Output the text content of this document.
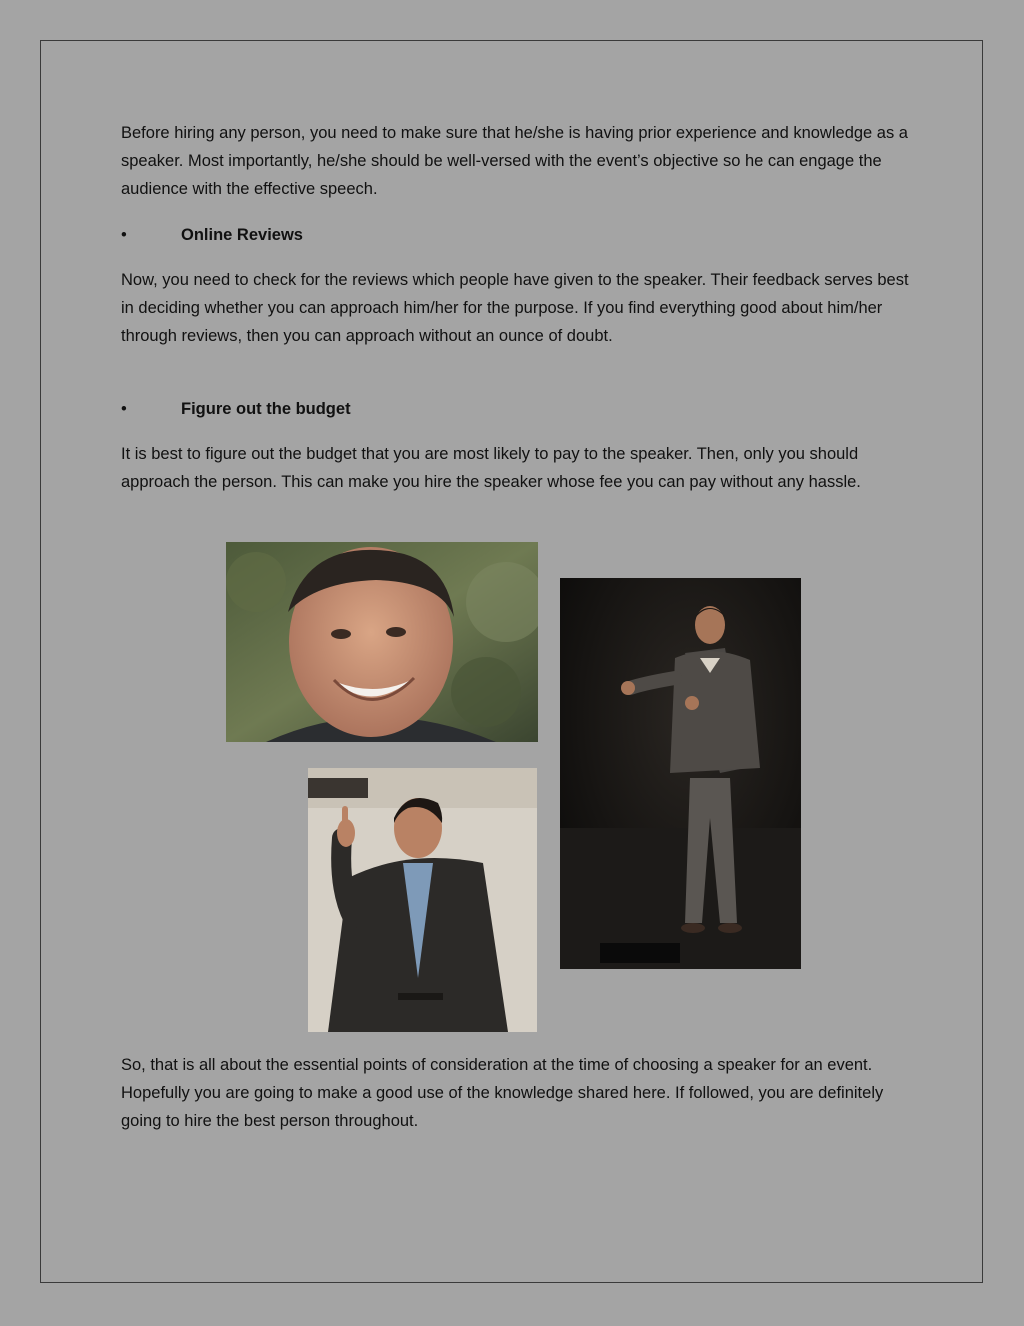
Before hiring any person, you need to make sure that he/she is having prior experience and knowledge as a speaker. Most importantly, he/she should be well-versed with the event’s objective so he can engage the audience with the effective speech.

•	Online Reviews

Now, you need to check for the reviews which people have given to the speaker. Their feedback serves best in deciding whether you can approach him/her for the purpose. If you find everything good about him/her through reviews, then you can approach without an ounce of doubt.

•	Figure out the budget

It is best to figure out the budget that you are most likely to pay to the speaker. Then, only you should approach the person. This can make you hire the speaker whose fee you can pay without any hassle.

So, that is all about the essential points of consideration at the time of choosing a speaker for an event. Hopefully you are going to make a good use of the knowledge shared here. If followed, you are definitely going to hire the best person throughout.
